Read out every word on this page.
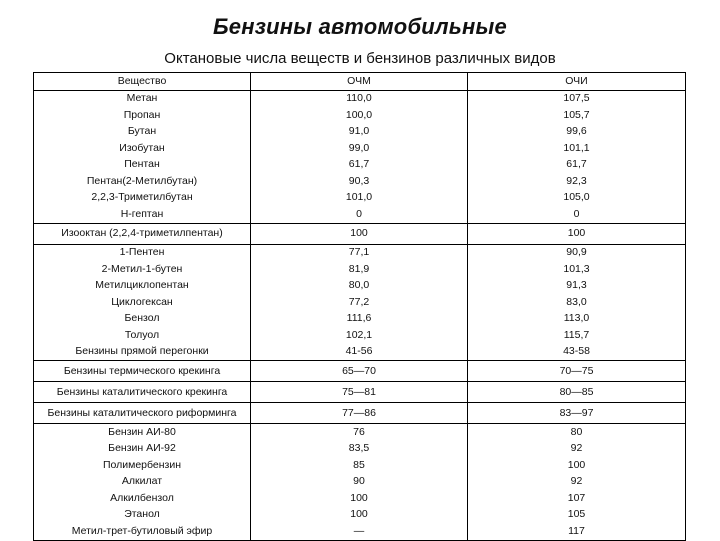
Бензины автомобильные
Октановые числа веществ и бензинов различных видов
Вещество	ОЧМ	ОЧИ
Метан	110,0	107,5
Пропан	100,0	105,7
Бутан	91,0	99,6
Изобутан	99,0	101,1
Пентан	61,7	61,7
Пентан(2-Метилбутан)	90,3	92,3
2,2,3-Триметилбутан	101,0	105,0
Н-гептан	0	0
Изооктан (2,2,4-триметилпентан)	100	100
1-Пентен	77,1	90,9
2-Метил-1-бутен	81,9	101,3
Метилциклопентан	80,0	91,3
Циклогексан	77,2	83,0
Бензол	111,6	113,0
Толуол	102,1	115,7
Бензины прямой перегонки	41-56	43-58
Бензины термического крекинга	65—70	70—75
Бензины каталитического крекинга	75—81	80—85
Бензины каталитического риформинга	77—86	83—97
Бензин АИ-80	76	80
Бензин АИ-92	83,5	92
Полимербензин	85	100
Алкилат	90	92
Алкилбензол	100	107
Этанол	100	105
Метил-трет-бутиловый эфир	—	117
